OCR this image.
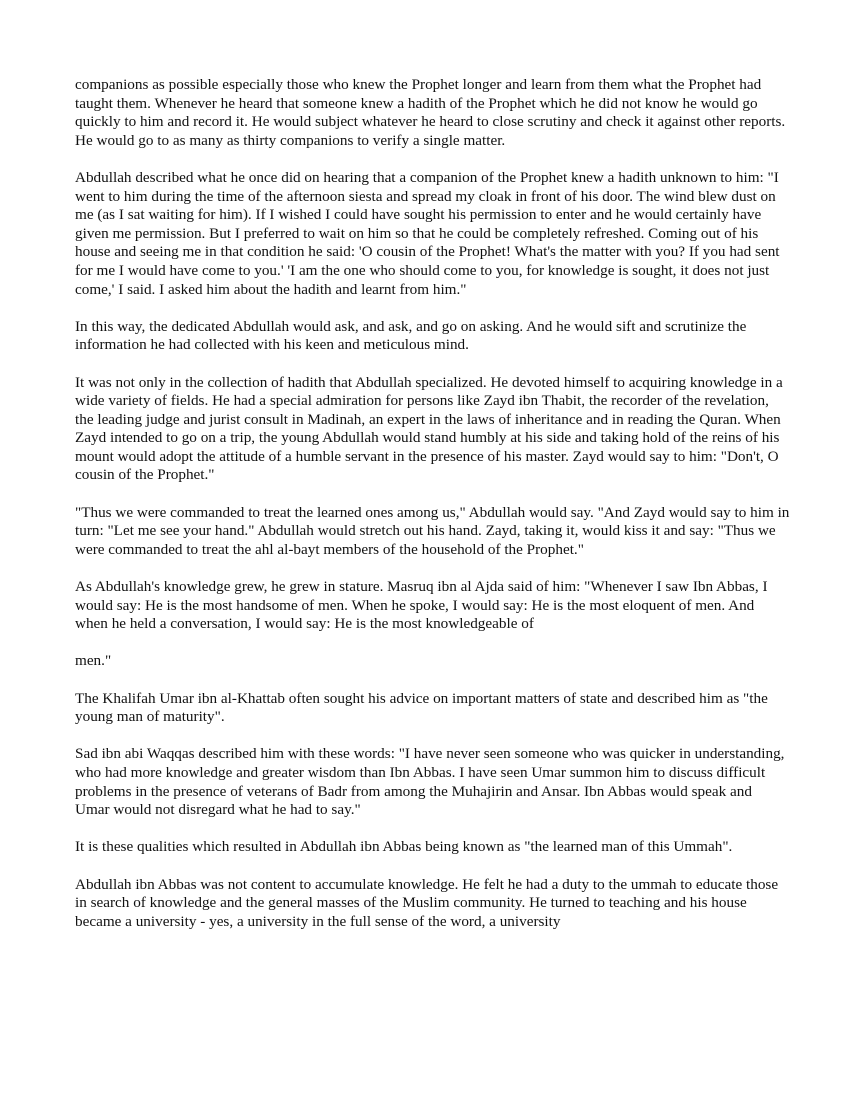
companions as possible especially those who knew the Prophet longer and learn from them what the Prophet had taught them. Whenever he heard that someone knew a hadith of the Prophet which he did not know he would go quickly to him and record it. He would subject whatever he heard to close scrutiny and check it against other reports. He would go to as many as thirty companions to verify a single matter.

Abdullah described what he once did on hearing that a companion of the Prophet knew a hadith unknown to him: "I went to him during the time of the afternoon siesta and spread my cloak in front of his door. The wind blew dust on me (as I sat waiting for him). If I wished I could have sought his permission to enter and he would certainly have given me permission. But I preferred to wait on him so that he could be completely refreshed. Coming out of his house and seeing me in that condition he said: 'O cousin of the Prophet! What's the matter with you? If you had sent for me I would have come to you.' 'I am the one who should come to you, for knowledge is sought, it does not just come,' I said. I asked him about the hadith and learnt from him."

In this way, the dedicated Abdullah would ask, and ask, and go on asking. And he would sift and scrutinize the information he had collected with his keen and meticulous mind.

It was not only in the collection of hadith that Abdullah specialized. He devoted himself to acquiring knowledge in a wide variety of fields. He had a special admiration for persons like Zayd ibn Thabit, the recorder of the revelation, the leading judge and jurist consult in Madinah, an expert in the laws of inheritance and in reading the Quran. When Zayd intended to go on a trip, the young Abdullah would stand humbly at his side and taking hold of the reins of his mount would adopt the attitude of a humble servant in the presence of his master. Zayd would say to him: "Don't, O cousin of the Prophet."

"Thus we were commanded to treat the learned ones among us," Abdullah would say. "And Zayd would say to him in turn: "Let me see your hand." Abdullah would stretch out his hand. Zayd, taking it, would kiss it and say: "Thus we were commanded to treat the ahl al-bayt members of the household of the Prophet."

As Abdullah's knowledge grew, he grew in stature. Masruq ibn al Ajda said of him: "Whenever I saw Ibn Abbas, I would say: He is the most handsome of men. When he spoke, I would say: He is the most eloquent of men. And when he held a conversation, I would say: He is the most knowledgeable of

men."

The Khalifah Umar ibn al-Khattab often sought his advice on important matters of state and described him as "the young man of maturity".

Sad ibn abi Waqqas described him with these words: "I have never seen someone who was quicker in understanding, who had more knowledge and greater wisdom than Ibn Abbas. I have seen Umar summon him to discuss difficult problems in the presence of veterans of Badr from among the Muhajirin and Ansar. Ibn Abbas would speak and Umar would not disregard what he had to say."

It is these qualities which resulted in Abdullah ibn Abbas being known as "the learned man of this Ummah".

Abdullah ibn Abbas was not content to accumulate knowledge. He felt he had a duty to the ummah to educate those in search of knowledge and the general masses of the Muslim community. He turned to teaching and his house became a university - yes, a university in the full sense of the word, a university
